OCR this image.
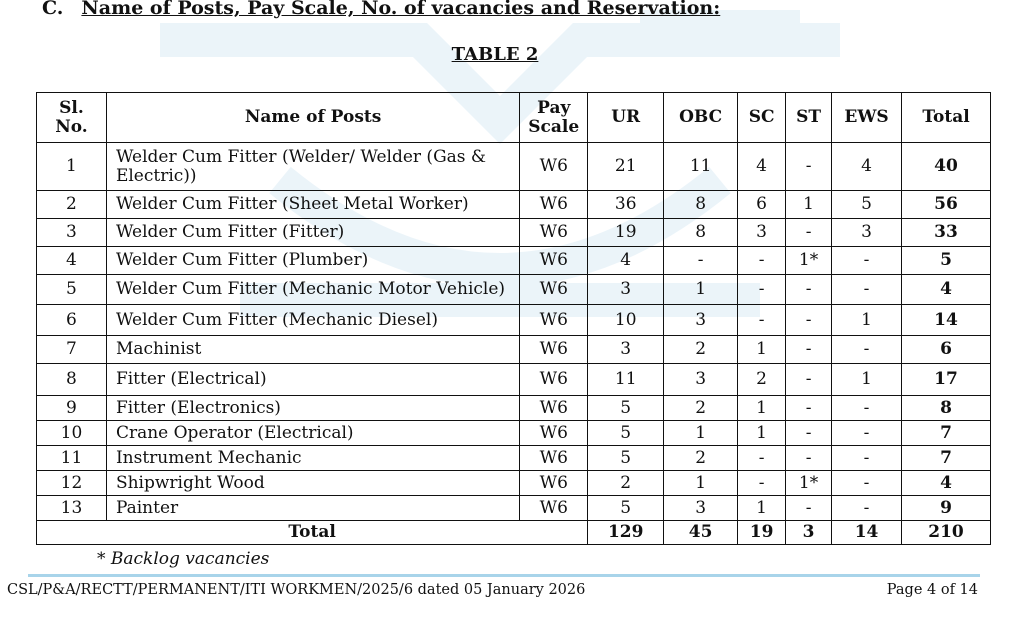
C. Name of Posts, Pay Scale, No. of vacancies and Reservation:
TABLE 2
Sl. No.	Name of Posts	Pay Scale	UR	OBC	SC	ST	EWS	Total
1	Welder Cum Fitter (Welder/ Welder (Gas & Electric))	W6	21	11	4	-	4	40
2	Welder Cum Fitter (Sheet Metal Worker)	W6	36	8	6	1	5	56
3	Welder Cum Fitter (Fitter)	W6	19	8	3	-	3	33
4	Welder Cum Fitter (Plumber)	W6	4	-	-	1*	-	5
5	Welder Cum Fitter (Mechanic Motor Vehicle)	W6	3	1	-	-	-	4
6	Welder Cum Fitter (Mechanic Diesel)	W6	10	3	-	-	1	14
7	Machinist	W6	3	2	1	-	-	6
8	Fitter (Electrical)	W6	11	3	2	-	1	17
9	Fitter (Electronics)	W6	5	2	1	-	-	8
10	Crane Operator (Electrical)	W6	5	1	1	-	-	7
11	Instrument Mechanic	W6	5	2	-	-	-	7
12	Shipwright Wood	W6	2	1	-	1*	-	4
13	Painter	W6	5	3	1	-	-	9
Total			129	45	19	3	14	210
* Backlog vacancies
CSL/P&A/RECTT/PERMANENT/ITI WORKMEN/2025/6 dated 05 January 2026	Page 4 of 14
